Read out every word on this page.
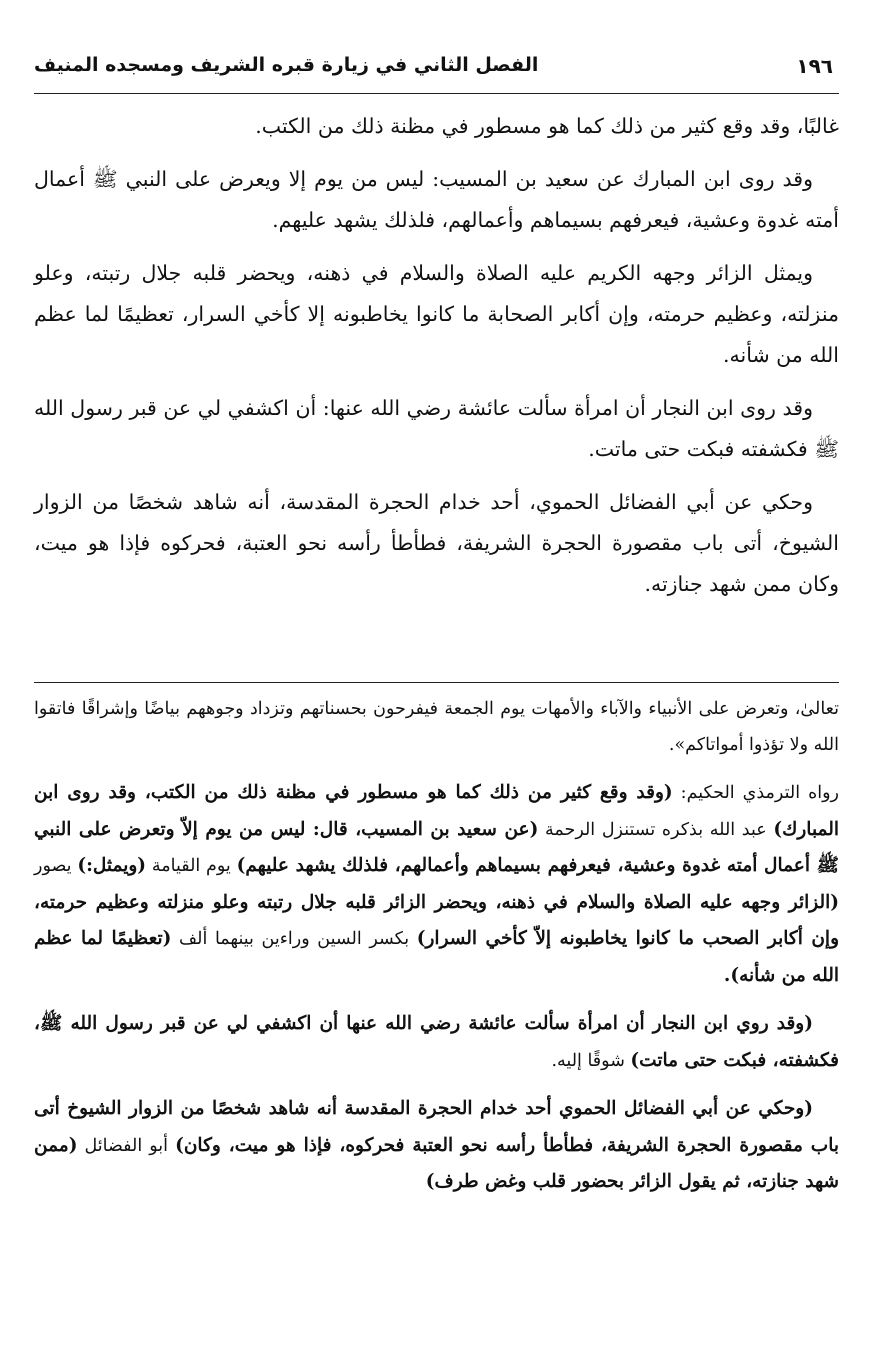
١٩٦
الفصل الثاني في زيارة قبره الشريف ومسجده المنيف

غالبًا، وقد وقع كثير من ذلك كما هو مسطور في مظنة ذلك من الكتب.

وقد روى ابن المبارك عن سعيد بن المسيب: ليس من يوم إلا ويعرض على النبي ﷺ أعمال أمته غدوة وعشية، فيعرفهم بسيماهم وأعمالهم، فلذلك يشهد عليهم.

ويمثل الزائر وجهه الكريم عليه الصلاة والسلام في ذهنه، ويحضر قلبه جلال رتبته، وعلو منزلته، وعظيم حرمته، وإن أكابر الصحابة ما كانوا يخاطبونه إلا كأخي السرار، تعظيمًا لما عظم الله من شأنه.

وقد روى ابن النجار أن امرأة سألت عائشة رضي الله عنها: أن اكشفي لي عن قبر رسول الله ﷺ فكشفته فبكت حتى ماتت.

وحكي عن أبي الفضائل الحموي، أحد خدام الحجرة المقدسة، أنه شاهد شخصًا من الزوار الشيوخ، أتى باب مقصورة الحجرة الشريفة، فطأطأ رأسه نحو العتبة، فحركوه فإذا هو ميت، وكان ممن شهد جنازته.

تعالىٰ، وتعرض على الأنبياء والآباء والأمهات يوم الجمعة فيفرحون بحسناتهم وتزداد وجوههم بياضًا وإشراقًا فاتقوا الله ولا تؤذوا أمواتاكم».

رواه الترمذي الحكيم: (وقد وقع كثير من ذلك كما هو مسطور في مظنة ذلك من الكتب، وقد روى ابن المبارك) عبد الله بذكره تستنزل الرحمة (عن سعيد بن المسيب، قال: ليس من يوم إلاّ وتعرض على النبي ﷺ أعمال أمته غدوة وعشية، فيعرفهم بسيماهم وأعمالهم، فلذلك يشهد عليهم) يوم القيامة (ويمثل:) يصور (الزائر وجهه عليه الصلاة والسلام في ذهنه، ويحضر الزائر قلبه جلال رتبته وعلو منزلته وعظيم حرمته، وإن أكابر الصحب ما كانوا يخاطبونه إلاّ كأخي السرار) بكسر السين وراءين بينهما ألف (تعظيمًا لما عظم الله من شأنه).

(وقد روي ابن النجار أن امرأة سألت عائشة رضي الله عنها أن اكشفي لي عن قبر رسول الله ﷺ، فكشفته، فبكت حتى ماتت) شوقًا إليه.

(وحكي عن أبي الفضائل الحموي أحد خدام الحجرة المقدسة أنه شاهد شخصًا من الزوار الشيوخ أتى باب مقصورة الحجرة الشريفة، فطأطأ رأسه نحو العتبة فحركوه، فإذا هو ميت، وكان) أبو الفضائل (ممن شهد جنازته، ثم يقول الزائر بحضور قلب وغض طرف)
